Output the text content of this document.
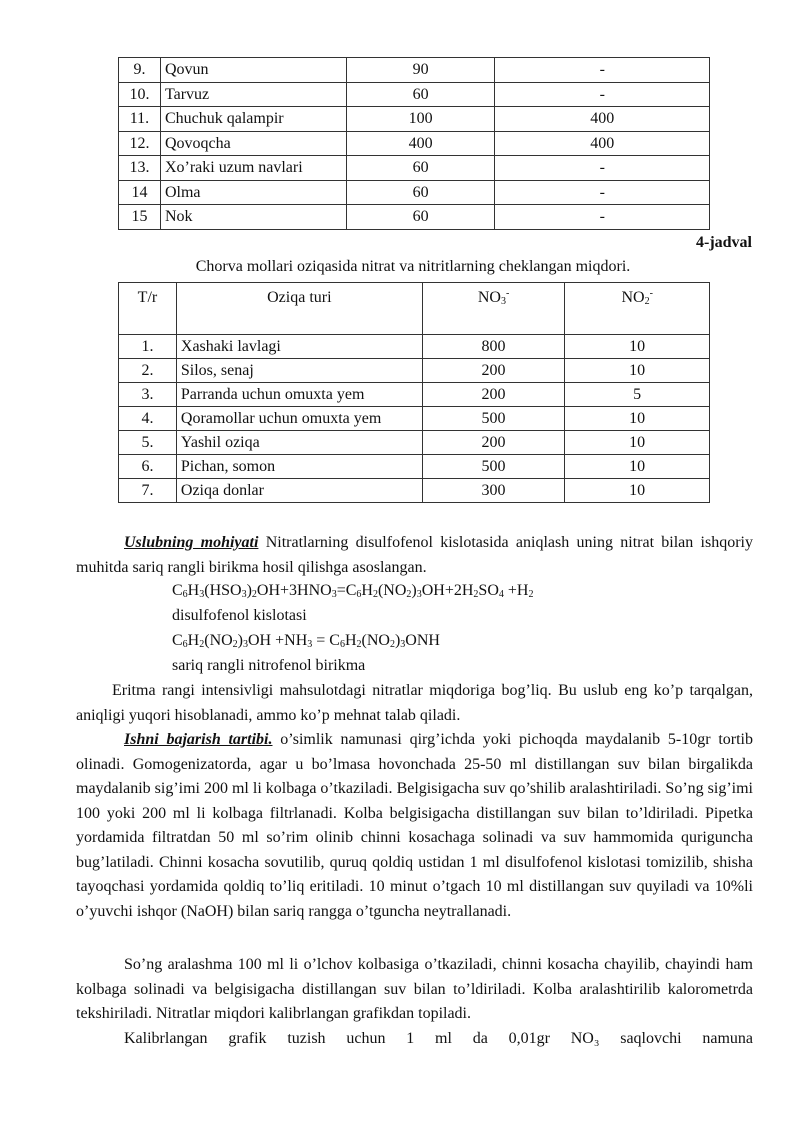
9.	Qovun	90	-
10.	Tarvuz	60	-
11.	Chuchuk qalampir	100	400
12.	Qovoqcha	400	400
13.	Xo’raki uzum navlari	60	-
14	Olma	60	-
15	Nok	60	-
4-jadval
Chorva mollari oziqasida nitrat va nitritlarning cheklangan miqdori.
T/r	Oziqa turi	$NO_3^-$	$NO_2^-$
1.	Xashaki lavlagi	800	10
2.	Silos, senaj	200	10
3.	Parranda uchun omuxta yem	200	5
4.	Qoramollar uchun omuxta yem	500	10
5.	Yashil oziqa	200	10
6.	Pichan, somon	500	10
7.	Oziqa donlar	300	10
Uslubning mohiyati Nitratlarning disulfofenol kislotasida aniqlash uning nitrat bilan ishqoriy muhitda sariq rangli birikma hosil qilishga asoslangan.
$C_6H_3(HSO_3)_2OH+3HNO_3=C_6H_2(NO_2)_3OH+2H_2SO_4 +H_2$
disulfofenol kislotasi
$C_6H_2(NO_2)_3OH +NH_3 = C_6H_2(NO_2)_3ONH$
sariq rangli nitrofenol birikma
Eritma rangi intensivligi mahsulotdagi nitratlar miqdoriga bog’liq. Bu uslub eng ko’p tarqalgan, aniqligi yuqori hisoblanadi, ammo ko’p mehnat talab qiladi.
Ishni bajarish tartibi. o’simlik namunasi qirg’ichda yoki pichoqda maydalanib 5-10gr tortib olinadi. Gomogenizatorda, agar u bo’lmasa hovonchada 25-50 ml distillangan suv bilan birgalikda maydalanib sig’imi 200 ml li kolbaga o’tkaziladi. Belgisigacha suv qo’shilib aralashtiriladi. So’ng sig’imi 100 yoki 200 ml li kolbaga filtrlanadi. Kolba belgisigacha distillangan suv bilan to’ldiriladi. Pipetka yordamida filtratdan 50 ml so’rim olinib chinni kosachaga solinadi va suv hammomida qurigunchа bug’latiladi. Chinni kosacha sovutilib, quruq qoldiq ustidan 1 ml disulfofenol kislotasi tomizilib, shisha tayoqchasi yordamida qoldiq to’liq eritiladi. 10 minut o’tgach 10 ml distillangan suv quyiladi va 10%li o’yuvchi ishqor (NaOH) bilan sariq rangga o’tguncha neytrallanadi.
So’ng aralashma 100 ml li o’lchov kolbasiga o’tkaziladi, chinni kosacha chayilib, chayindi ham kolbaga solinadi va belgisigacha distillangan suv bilan to’ldiriladi. Kolba aralashtirilib kalorometrda tekshiriladi. Nitratlar miqdori kalibrlangan grafikdan topiladi.
Kalibrlangan grafik tuzish uchun 1 ml da 0,01gr NO₃ saqlovchi namuna
